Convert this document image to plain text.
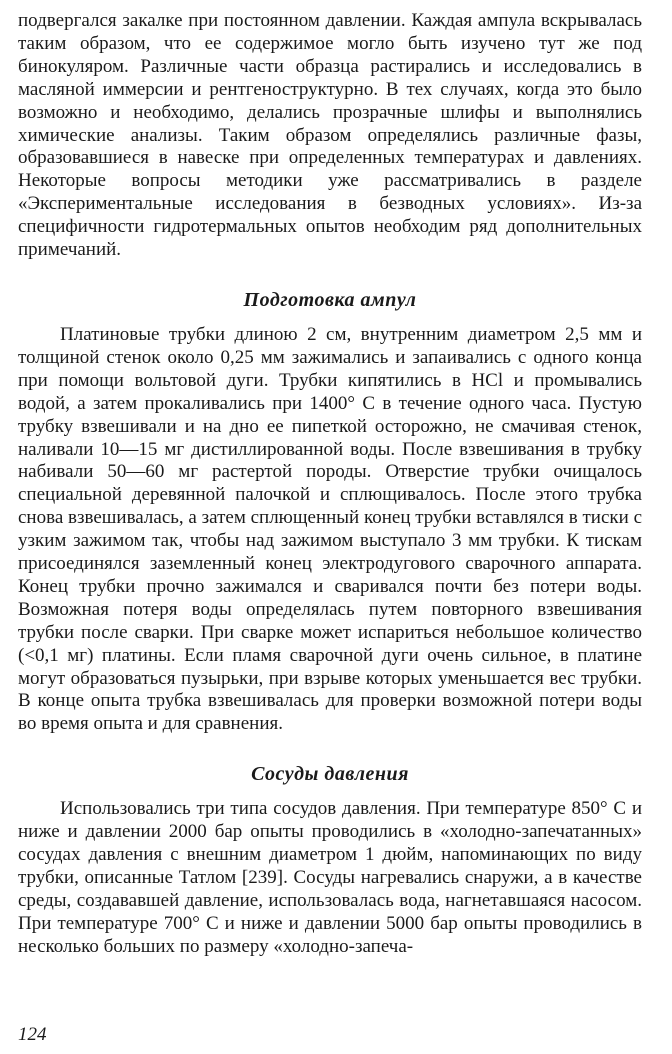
подвергался закалке при постоянном давлении. Каждая ампула вскрывалась таким образом, что ее содержимое могло быть изучено тут же под бинокуляром. Различные части образца растирались и исследовались в масляной иммерсии и рентгеноструктурно. В тех случаях, когда это было возможно и необходимо, делались прозрачные шлифы и выполнялись химические анализы. Таким образом определялись различные фазы, образовавшиеся в навеске при определенных температурах и давлениях. Некоторые вопросы методики уже рассматривались в разделе «Экспериментальные исследования в безводных условиях». Из-за специфичности гидротермальных опытов необходим ряд дополнительных примечаний.

Подготовка ампул

Платиновые трубки длиною 2 см, внутренним диаметром 2,5 мм и толщиной стенок около 0,25 мм зажимались и запаивались с одного конца при помощи вольтовой дуги. Трубки кипятились в HCl и промывались водой, а затем прокаливались при 1400° C в течение одного часа. Пустую трубку взвешивали и на дно ее пипеткой осторожно, не смачивая стенок, наливали 10—15 мг дистиллированной воды. После взвешивания в трубку набивали 50—60 мг растертой породы. Отверстие трубки очищалось специальной деревянной палочкой и сплющивалось. После этого трубка снова взвешивалась, а затем сплющенный конец трубки вставлялся в тиски с узким зажимом так, чтобы над зажимом выступало 3 мм трубки. К тискам присоединялся заземленный конец электродугового сварочного аппарата. Конец трубки прочно зажимался и сваривался почти без потери воды. Возможная потеря воды определялась путем повторного взвешивания трубки после сварки. При сварке может испариться небольшое количество (<0,1 мг) платины. Если пламя сварочной дуги очень сильное, в платине могут образоваться пузырьки, при взрыве которых уменьшается вес трубки. В конце опыта трубка взвешивалась для проверки возможной потери воды во время опыта и для сравнения.

Сосуды давления

Использовались три типа сосудов давления. При температуре 850° C и ниже и давлении 2000 бар опыты проводились в «холодно-запечатанных» сосудах давления с внешним диаметром 1 дюйм, напоминающих по виду трубки, описанные Татлом [239]. Сосуды нагревались снаружи, а в качестве среды, создававшей давление, использовалась вода, нагнетавшаяся насосом. При температуре 700° C и ниже и давлении 5000 бар опыты проводились в несколько больших по размеру «холодно-запеча-

124
